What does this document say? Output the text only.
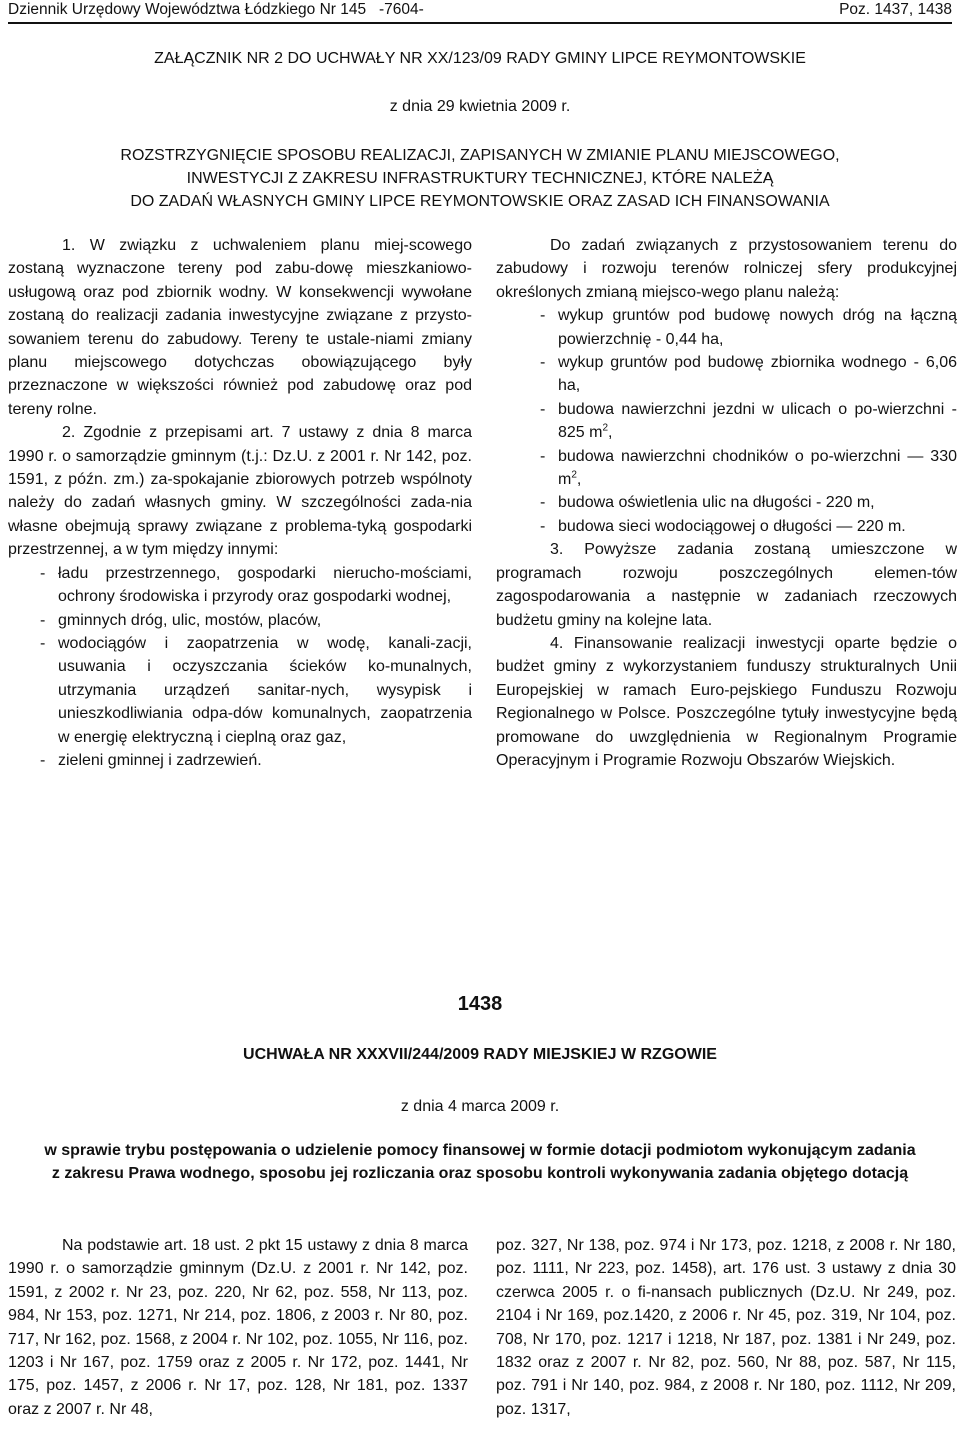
Dziennik Urzędowy Województwa Łódzkiego Nr 145   -7604-	Poz. 1437, 1438
ZAŁĄCZNIK NR 2 DO UCHWAŁY NR XX/123/09 RADY GMINY LIPCE REYMONTOWSKIE
z dnia 29 kwietnia 2009 r.
ROZSTRZYGNIĘCIE SPOSOBU REALIZACJI, ZAPISANYCH W ZMIANIE PLANU MIEJSCOWEGO,
INWESTYCJI Z ZAKRESU INFRASTRUKTURY TECHNICZNEJ, KTÓRE NALEŻĄ
DO ZADAŃ WŁASNYCH GMINY LIPCE REYMONTOWSKIE ORAZ ZASAD ICH FINANSOWANIA

1. W związku z uchwaleniem planu miej-scowego zostaną wyznaczone tereny pod zabu-dowę mieszkaniowo-usługową oraz pod zbiornik wodny. W konsekwencji wywołane zostaną do realizacji zadania inwestycyjne związane z przysto-sowaniem terenu do zabudowy. Tereny te ustale-niami zmiany planu miejscowego dotychczas obowiązującego były przeznaczone w większości również pod zabudowę oraz pod tereny rolne.

2. Zgodnie z przepisami art. 7 ustawy z dnia 8 marca 1990 r. o samorządzie gminnym (t.j.: Dz.U. z 2001 r. Nr 142, poz. 1591, z późn. zm.) za-spokajanie zbiorowych potrzeb wspólnoty należy do zadań własnych gminy. W szczególności zada-nia własne obejmują sprawy związane z problema-tyką gospodarki przestrzennej, a w tym między innymi:

- ładu przestrzennego, gospodarki nierucho-mościami, ochrony środowiska i przyrody oraz gospodarki wodnej,
- gminnych dróg, ulic, mostów, placów,
- wodociągów i zaopatrzenia w wodę, kanali-zacji, usuwania i oczyszczania ścieków ko-munalnych, utrzymania urządzeń sanitar-nych, wysypisk i unieszkodliwiania odpa-dów komunalnych, zaopatrzenia w energię elektryczną i cieplną oraz gaz,
- zieleni gminnej i zadrzewień.

Do zadań związanych z przystosowaniem terenu do zabudowy i rozwoju terenów rolniczej sfery produkcyjnej określonych zmianą miejsco-wego planu należą:

- wykup gruntów pod budowę nowych dróg na łączną powierzchnię - 0,44 ha,
- wykup gruntów pod budowę zbiornika wodnego - 6,06 ha,
- budowa nawierzchni jezdni w ulicach o po-wierzchni - 825 $m^2$,
- budowa nawierzchni chodników o po-wierzchni — 330 $m^2$,
- budowa oświetlenia ulic na długości - 220 m,
- budowa sieci wodociągowej o długości — 220 m.

3. Powyższe zadania zostaną umieszczone w programach rozwoju poszczególnych elemen-tów zagospodarowania a następnie w zadaniach rzeczowych budżetu gminy na kolejne lata.

4. Finansowanie realizacji inwestycji oparte będzie o budżet gminy z wykorzystaniem funduszy strukturalnych Unii Europejskiej w ramach Euro-pejskiego Funduszu Rozwoju Regionalnego w Polsce. Poszczególne tytuły inwestycyjne będą promowane do uwzględnienia w Regionalnym Programie Operacyjnym i Programie Rozwoju Obszarów Wiejskich.

1438
UCHWAŁA NR XXXVII/244/2009 RADY MIEJSKIEJ W RZGOWIE
z dnia 4 marca 2009 r.
w sprawie trybu postępowania o udzielenie pomocy finansowej w formie dotacji podmiotom wykonującym zadania z zakresu Prawa wodnego, sposobu jej rozliczania oraz sposobu kontroli wykonywania zadania objętego dotacją

Na podstawie art. 18 ust. 2 pkt 15 ustawy z dnia 8 marca 1990 r. o samorządzie gminnym (Dz.U. z 2001 r. Nr 142, poz. 1591, z 2002 r. Nr 23, poz. 220, Nr 62, poz. 558, Nr 113, poz. 984, Nr 153, poz. 1271, Nr 214, poz. 1806, z 2003 r. Nr 80, poz. 717, Nr 162, poz. 1568, z 2004 r. Nr 102, poz. 1055, Nr 116, poz. 1203 i Nr 167, poz. 1759 oraz z 2005 r. Nr 172, poz. 1441, Nr 175, poz. 1457, z 2006 r. Nr 17, poz. 128, Nr 181, poz. 1337 oraz z 2007 r. Nr 48,

poz. 327, Nr 138, poz. 974 i Nr 173, poz. 1218, z 2008 r. Nr 180, poz. 1111, Nr 223, poz. 1458), art. 176 ust. 3 ustawy z dnia 30 czerwca 2005 r. o fi-nansach publicznych (Dz.U. Nr 249, poz. 2104 i Nr 169, poz.1420, z 2006 r. Nr 45, poz. 319, Nr 104, poz. 708, Nr 170, poz. 1217 i 1218, Nr 187, poz. 1381 i Nr 249, poz. 1832 oraz z 2007 r. Nr 82, poz. 560, Nr 88, poz. 587, Nr 115, poz. 791 i Nr 140, poz. 984, z 2008 r. Nr 180, poz. 1112, Nr 209, poz. 1317,
